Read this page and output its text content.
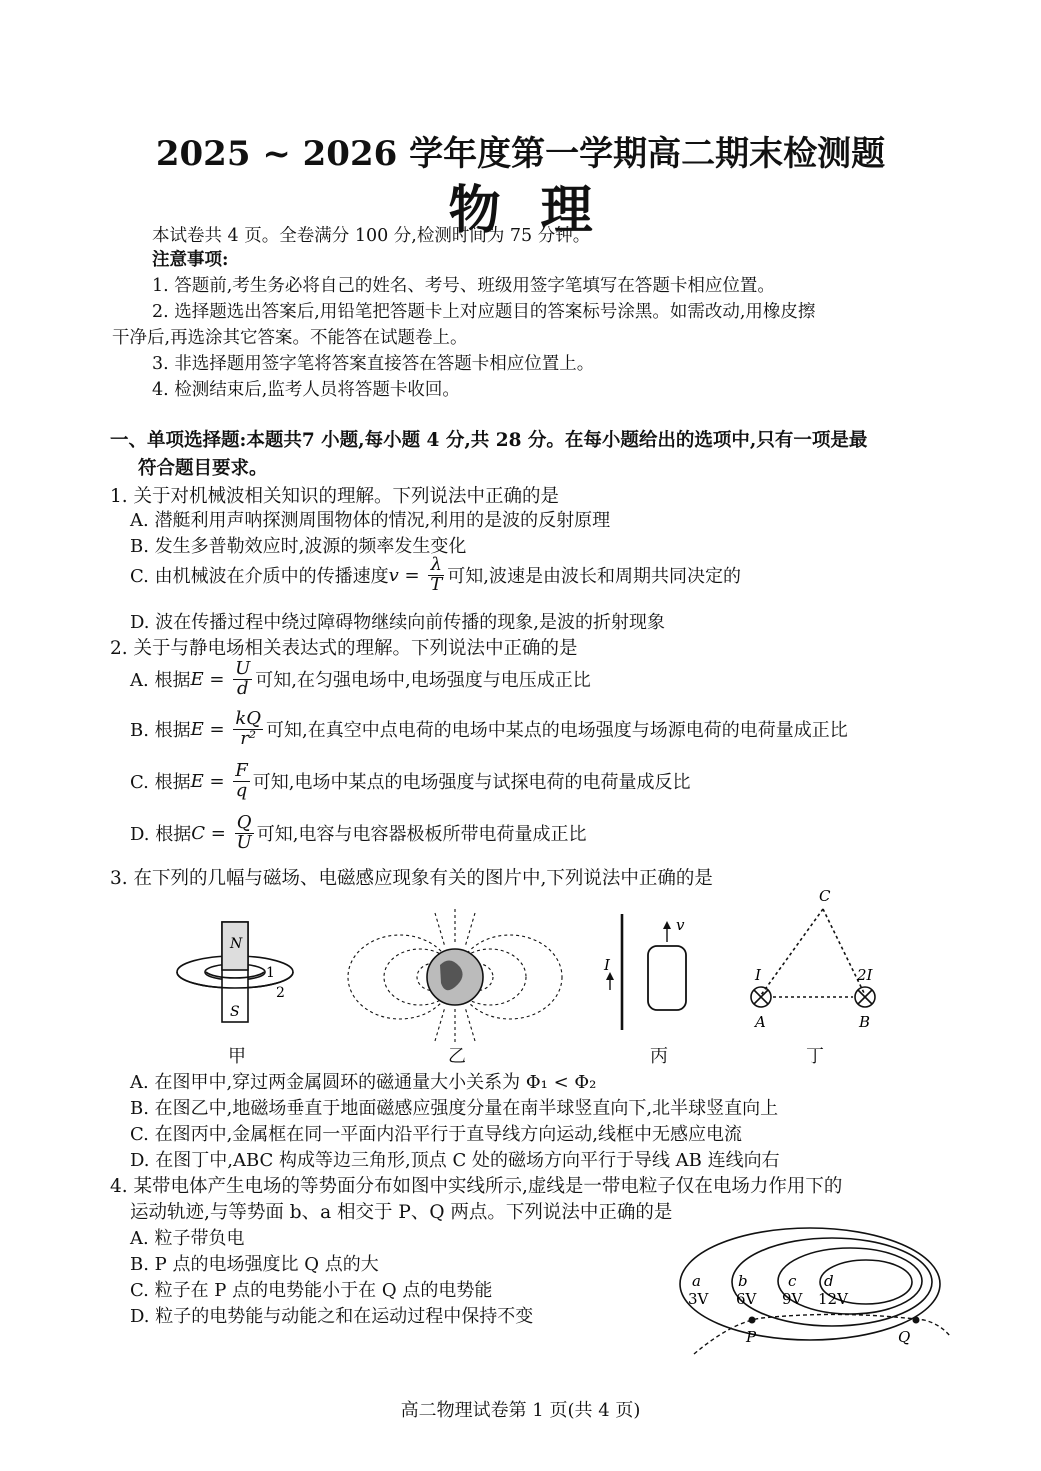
2025 ~ 2026 学年度第一学期高二期末检测题
物理
本试卷共 4 页。全卷满分 100 分,检测时间为 75 分钟。
注意事项:
1. 答题前,考生务必将自己的姓名、考号、班级用签字笔填写在答题卡相应位置。
2. 选择题选出答案后,用铅笔把答题卡上对应题目的答案标号涂黑。如需改动,用橡皮擦
干净后,再选涂其它答案。不能答在试题卷上。
3. 非选择题用签字笔将答案直接答在答题卡相应位置上。
4. 检测结束后,监考人员将答题卡收回。
一、单项选择题:本题共7 小题,每小题 4 分,共 28 分。在每小题给出的选项中,只有一项是最
符合题目要求。
1. 关于对机械波相关知识的理解。下列说法中正确的是
A. 潜艇利用声呐探测周围物体的情况,利用的是波的反射原理
B. 发生多普勒效应时,波源的频率发生变化
C. 由机械波在介质中的传播速度 $v = \frac{\lambda}{T}$ 可知,波速是由波长和周期共同决定的
D. 波在传播过程中绕过障碍物继续向前传播的现象,是波的折射现象
2. 关于与静电场相关表达式的理解。下列说法中正确的是
A. 根据 $E = \frac{U}{d}$ 可知,在匀强电场中,电场强度与电压成正比
B. 根据 $E = \frac{kQ}{\text{r²}}$ 可知,在真空中点电荷的电场中某点的电场强度与场源电荷的电荷量成正比
C. 根据 $E = \frac{F}{q}$ 可知,电场中某点的电场强度与试探电荷的电荷量成反比
D. 根据 $C = \frac{Q}{U}$ 可知,电容与电容器极板所带电荷量成正比
3. 在下列的几幅与磁场、电磁感应现象有关的图片中,下列说法中正确的是
N
S
1
2
I
v
C
I	2I
A	B
甲	乙	丙	丁
A. 在图甲中,穿过两金属圆环的磁通量大小关系为 Φ₁ < Φ₂
B. 在图乙中,地磁场垂直于地面磁感应强度分量在南半球竖直向下,北半球竖直向上
C. 在图丙中,金属框在同一平面内沿平行于直导线方向运动,线框中无感应电流
D. 在图丁中,ABC 构成等边三角形,顶点 C 处的磁场方向平行于导线 AB 连线向右
4. 某带电体产生电场的等势面分布如图中实线所示,虚线是一带电粒子仅在电场力作用下的
运动轨迹,与等势面 b、a 相交于 P、Q 两点。下列说法中正确的是
A. 粒子带负电
B. P 点的电场强度比 Q 点的大
C. 粒子在 P 点的电势能小于在 Q 点的电势能
D. 粒子的电势能与动能之和在运动过程中保持不变
a
3V
b
6V
c
9V
d
12V
P	Q
高二物理试卷第 1 页(共 4 页)
